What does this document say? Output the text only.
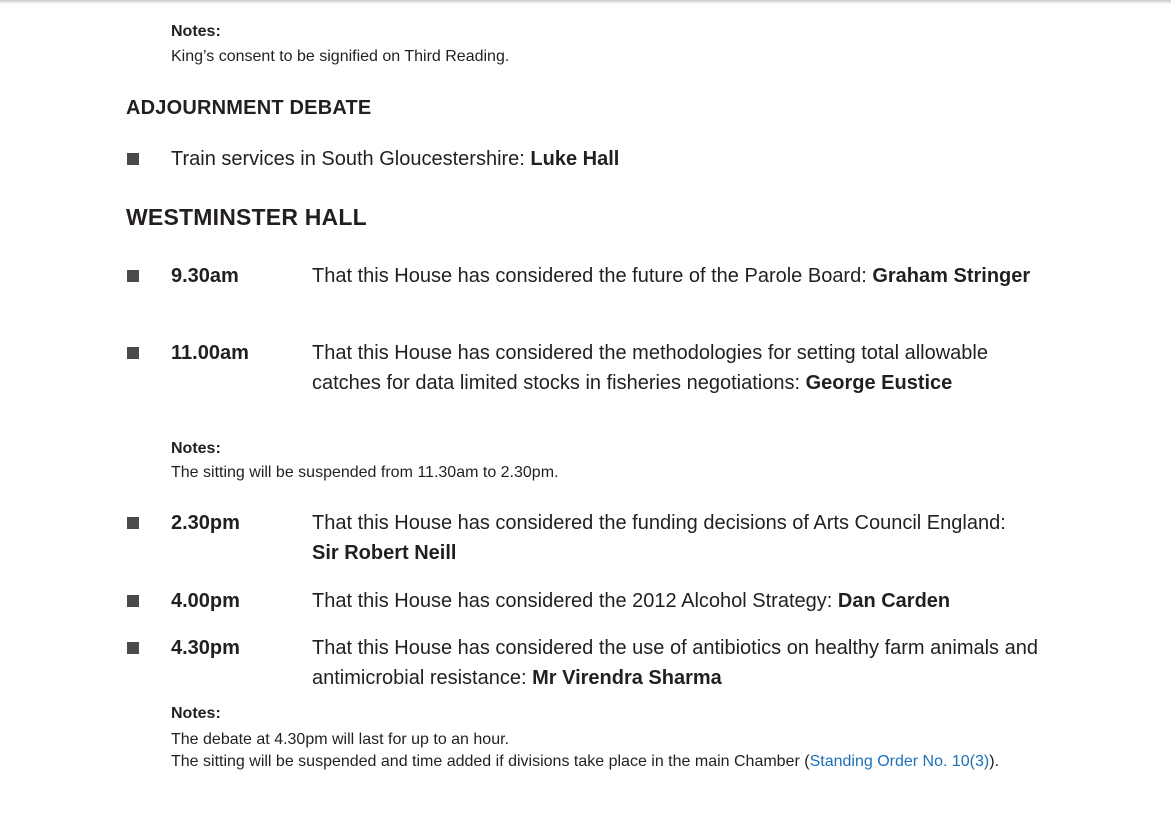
Notes:
King’s consent to be signified on Third Reading.
ADJOURNMENT DEBATE
Train services in South Gloucestershire: Luke Hall
WESTMINSTER HALL
9.30am	That this House has considered the future of the Parole Board: Graham Stringer
11.00am	That this House has considered the methodologies for setting total allowable catches for data limited stocks in fisheries negotiations: George Eustice
Notes:
The sitting will be suspended from 11.30am to 2.30pm.
2.30pm	That this House has considered the funding decisions of Arts Council England: Sir Robert Neill
4.00pm	That this House has considered the 2012 Alcohol Strategy: Dan Carden
4.30pm	That this House has considered the use of antibiotics on healthy farm animals and antimicrobial resistance: Mr Virendra Sharma
Notes:
The debate at 4.30pm will last for up to an hour.
The sitting will be suspended and time added if divisions take place in the main Chamber (Standing Order No. 10(3)).
